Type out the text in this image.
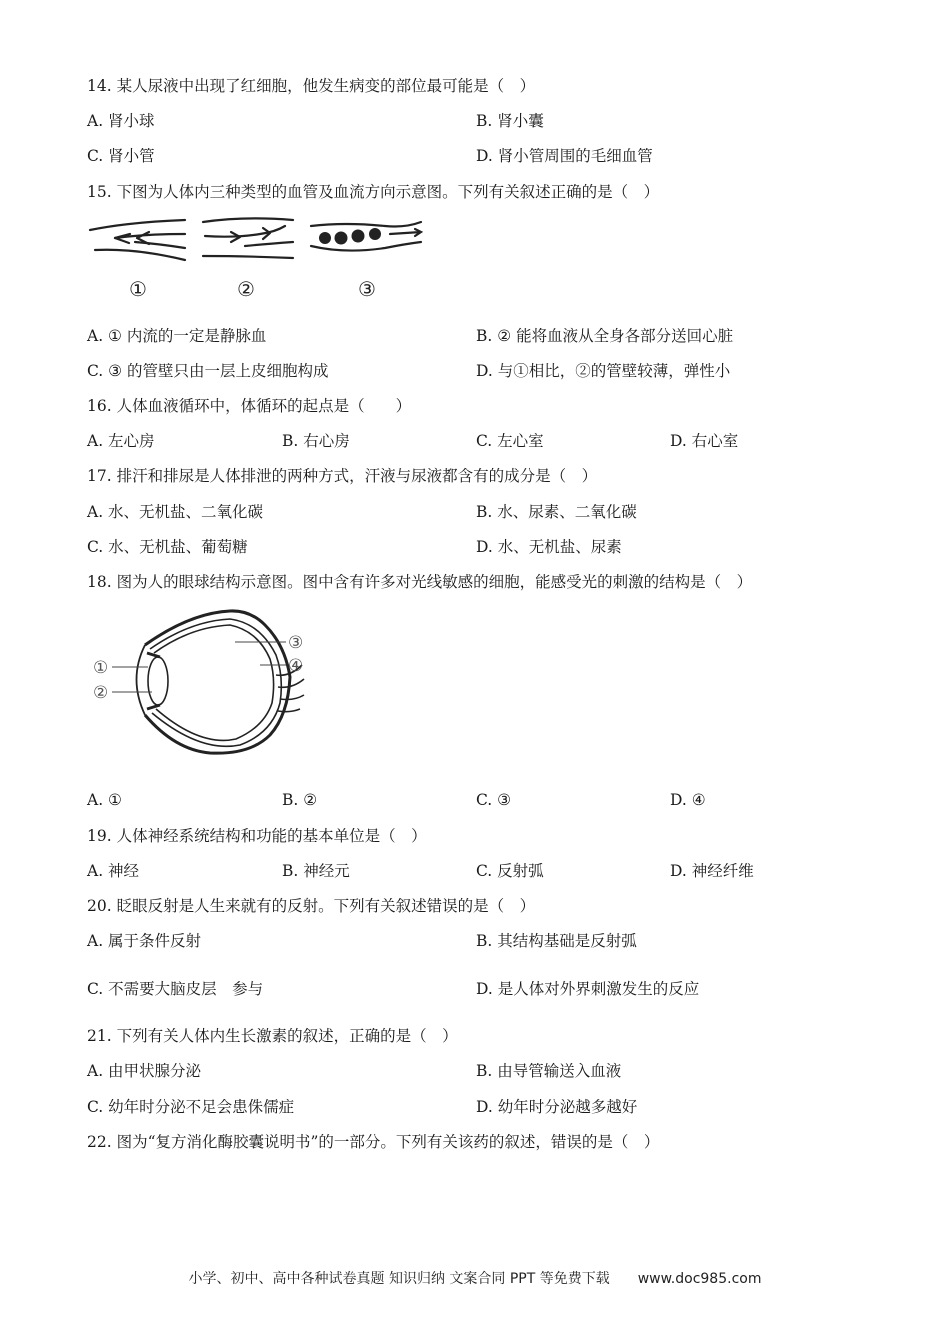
14. 某人尿液中出现了红细胞，他发生病变的部位最可能是（　）
A. 肾小球	B. 肾小囊
C. 肾小管	D. 肾小管周围的毛细血管
15. 下图为人体内三种类型的血管及血流方向示意图。下列有关叙述正确的是（　）
①	②	③
A. ① 内流的一定是静脉血	B. ② 能将血液从全身各部分送回心脏
C. ③ 的管壁只由一层上皮细胞构成	D. 与①相比，②的管壁较薄，弹性小
16. 人体血液循环中，体循环的起点是（　　）
A. 左心房	B. 右心房	C. 左心室	D. 右心室
17. 排汗和排尿是人体排泄的两种方式，汗液与尿液都含有的成分是（　）
A. 水、无机盐、二氧化碳	B. 水、尿素、二氧化碳
C. 水、无机盐、葡萄糖	D. 水、无机盐、尿素
18. 图为人的眼球结构示意图。图中含有许多对光线敏感的细胞，能感受光的刺激的结构是（　）
①
②
③
④
A. ①	B. ②	C. ③	D. ④
19. 人体神经系统结构和功能的基本单位是（　）
A. 神经	B. 神经元	C. 反射弧	D. 神经纤维
20. 眨眼反射是人生来就有的反射。下列有关叙述错误的是（　）
A. 属于条件反射	B. 其结构基础是反射弧
C. 不需要大脑皮层　参与	D. 是人体对外界刺激发生的反应
21. 下列有关人体内生长激素的叙述，正确的是（　）
A. 由甲状腺分泌	B. 由导管输送入血液
C. 幼年时分泌不足会患侏儒症	D. 幼年时分泌越多越好
22. 图为“复方消化酶胶囊说明书”的一部分。下列有关该药的叙述，错误的是（　）
小学、初中、高中各种试卷真题 知识归纳 文案合同 PPT 等免费下载　　www.doc985.com
